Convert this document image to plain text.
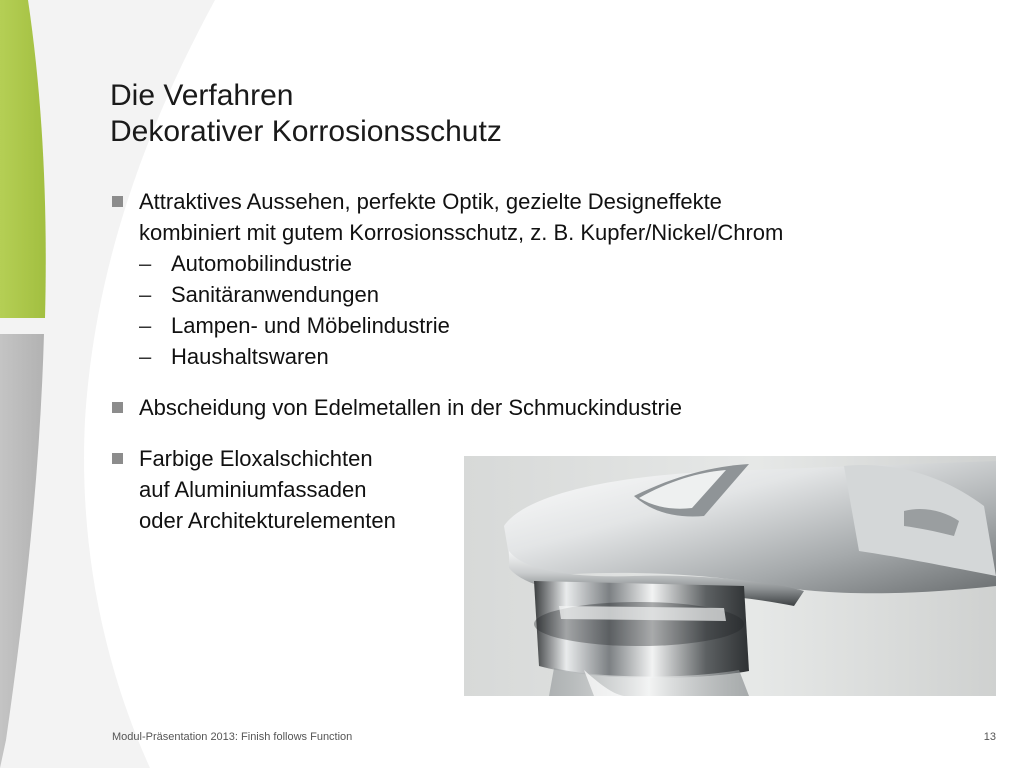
Die Verfahren
Dekorativer Korrosionsschutz
Attraktives Aussehen, perfekte Optik, gezielte Designeffekte
kombiniert mit gutem Korrosionsschutz, z. B. Kupfer/Nickel/Chrom
– Automobilindustrie
– Sanitäranwendungen
– Lampen- und Möbelindustrie
– Haushaltswaren
Abscheidung von Edelmetallen in der Schmuckindustrie
Farbige Eloxalschichten
auf Aluminiumfassaden
oder Architekturelementen
Modul-Präsentation 2013: Finish follows Function	13
